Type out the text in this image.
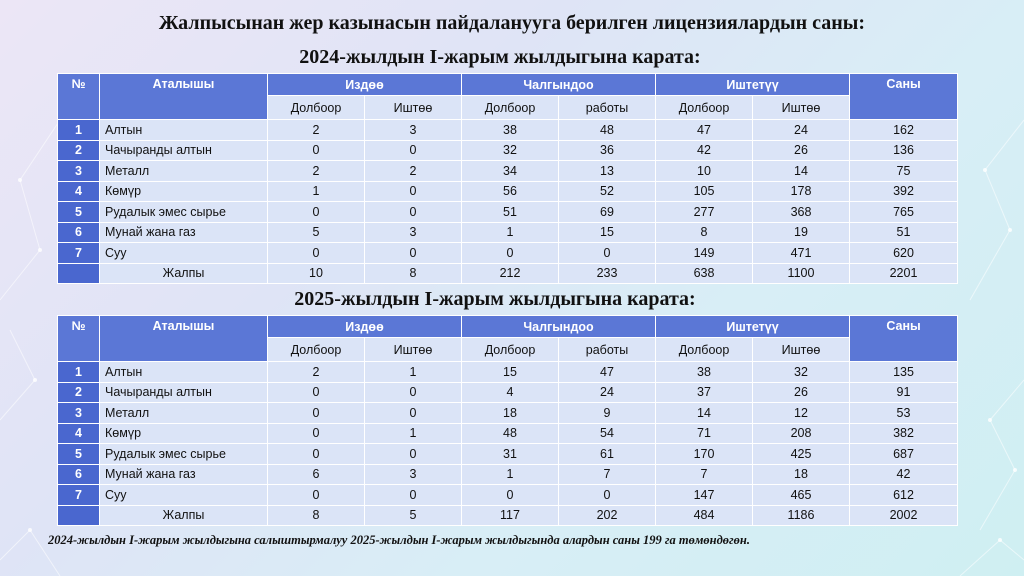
Жалпысынан жер казынасын пайдаланууга берилген лицензиялардын саны:
2024-жылдын I-жарым жылдыгына карата:
№	Аталышы	Издөө		Чалгындоо		Иштетүү		Саны
		Долбоор	Иштөө	Долбоор	работы	Долбоор	Иштөө	
1	Алтын	2	3	38	48	47	24	162
2	Чачыранды алтын	0	0	32	36	42	26	136
3	Металл	2	2	34	13	10	14	75
4	Көмүр	1	0	56	52	105	178	392
5	Рудалык эмес сырье	0	0	51	69	277	368	765
6	Мунай жана газ	5	3	1	15	8	19	51
7	Суу	0	0	0	0	149	471	620
	Жалпы	10	8	212	233	638	1100	2201
2025-жылдын I-жарым жылдыгына карата:
№	Аталышы	Издөө		Чалгындоо		Иштетүү		Саны
		Долбоор	Иштөө	Долбоор	работы	Долбоор	Иштөө	
1	Алтын	2	1	15	47	38	32	135
2	Чачыранды алтын	0	0	4	24	37	26	91
3	Металл	0	0	18	9	14	12	53
4	Көмүр	0	1	48	54	71	208	382
5	Рудалык эмес сырье	0	0	31	61	170	425	687
6	Мунай жана газ	6	3	1	7	7	18	42
7	Суу	0	0	0	0	147	465	612
	Жалпы	8	5	117	202	484	1186	2002
2024-жылдын I-жарым жылдыгына салыштырмалуу 2025-жылдын I-жарым жылдыгында алардын саны 199 га төмөндөгөн.
